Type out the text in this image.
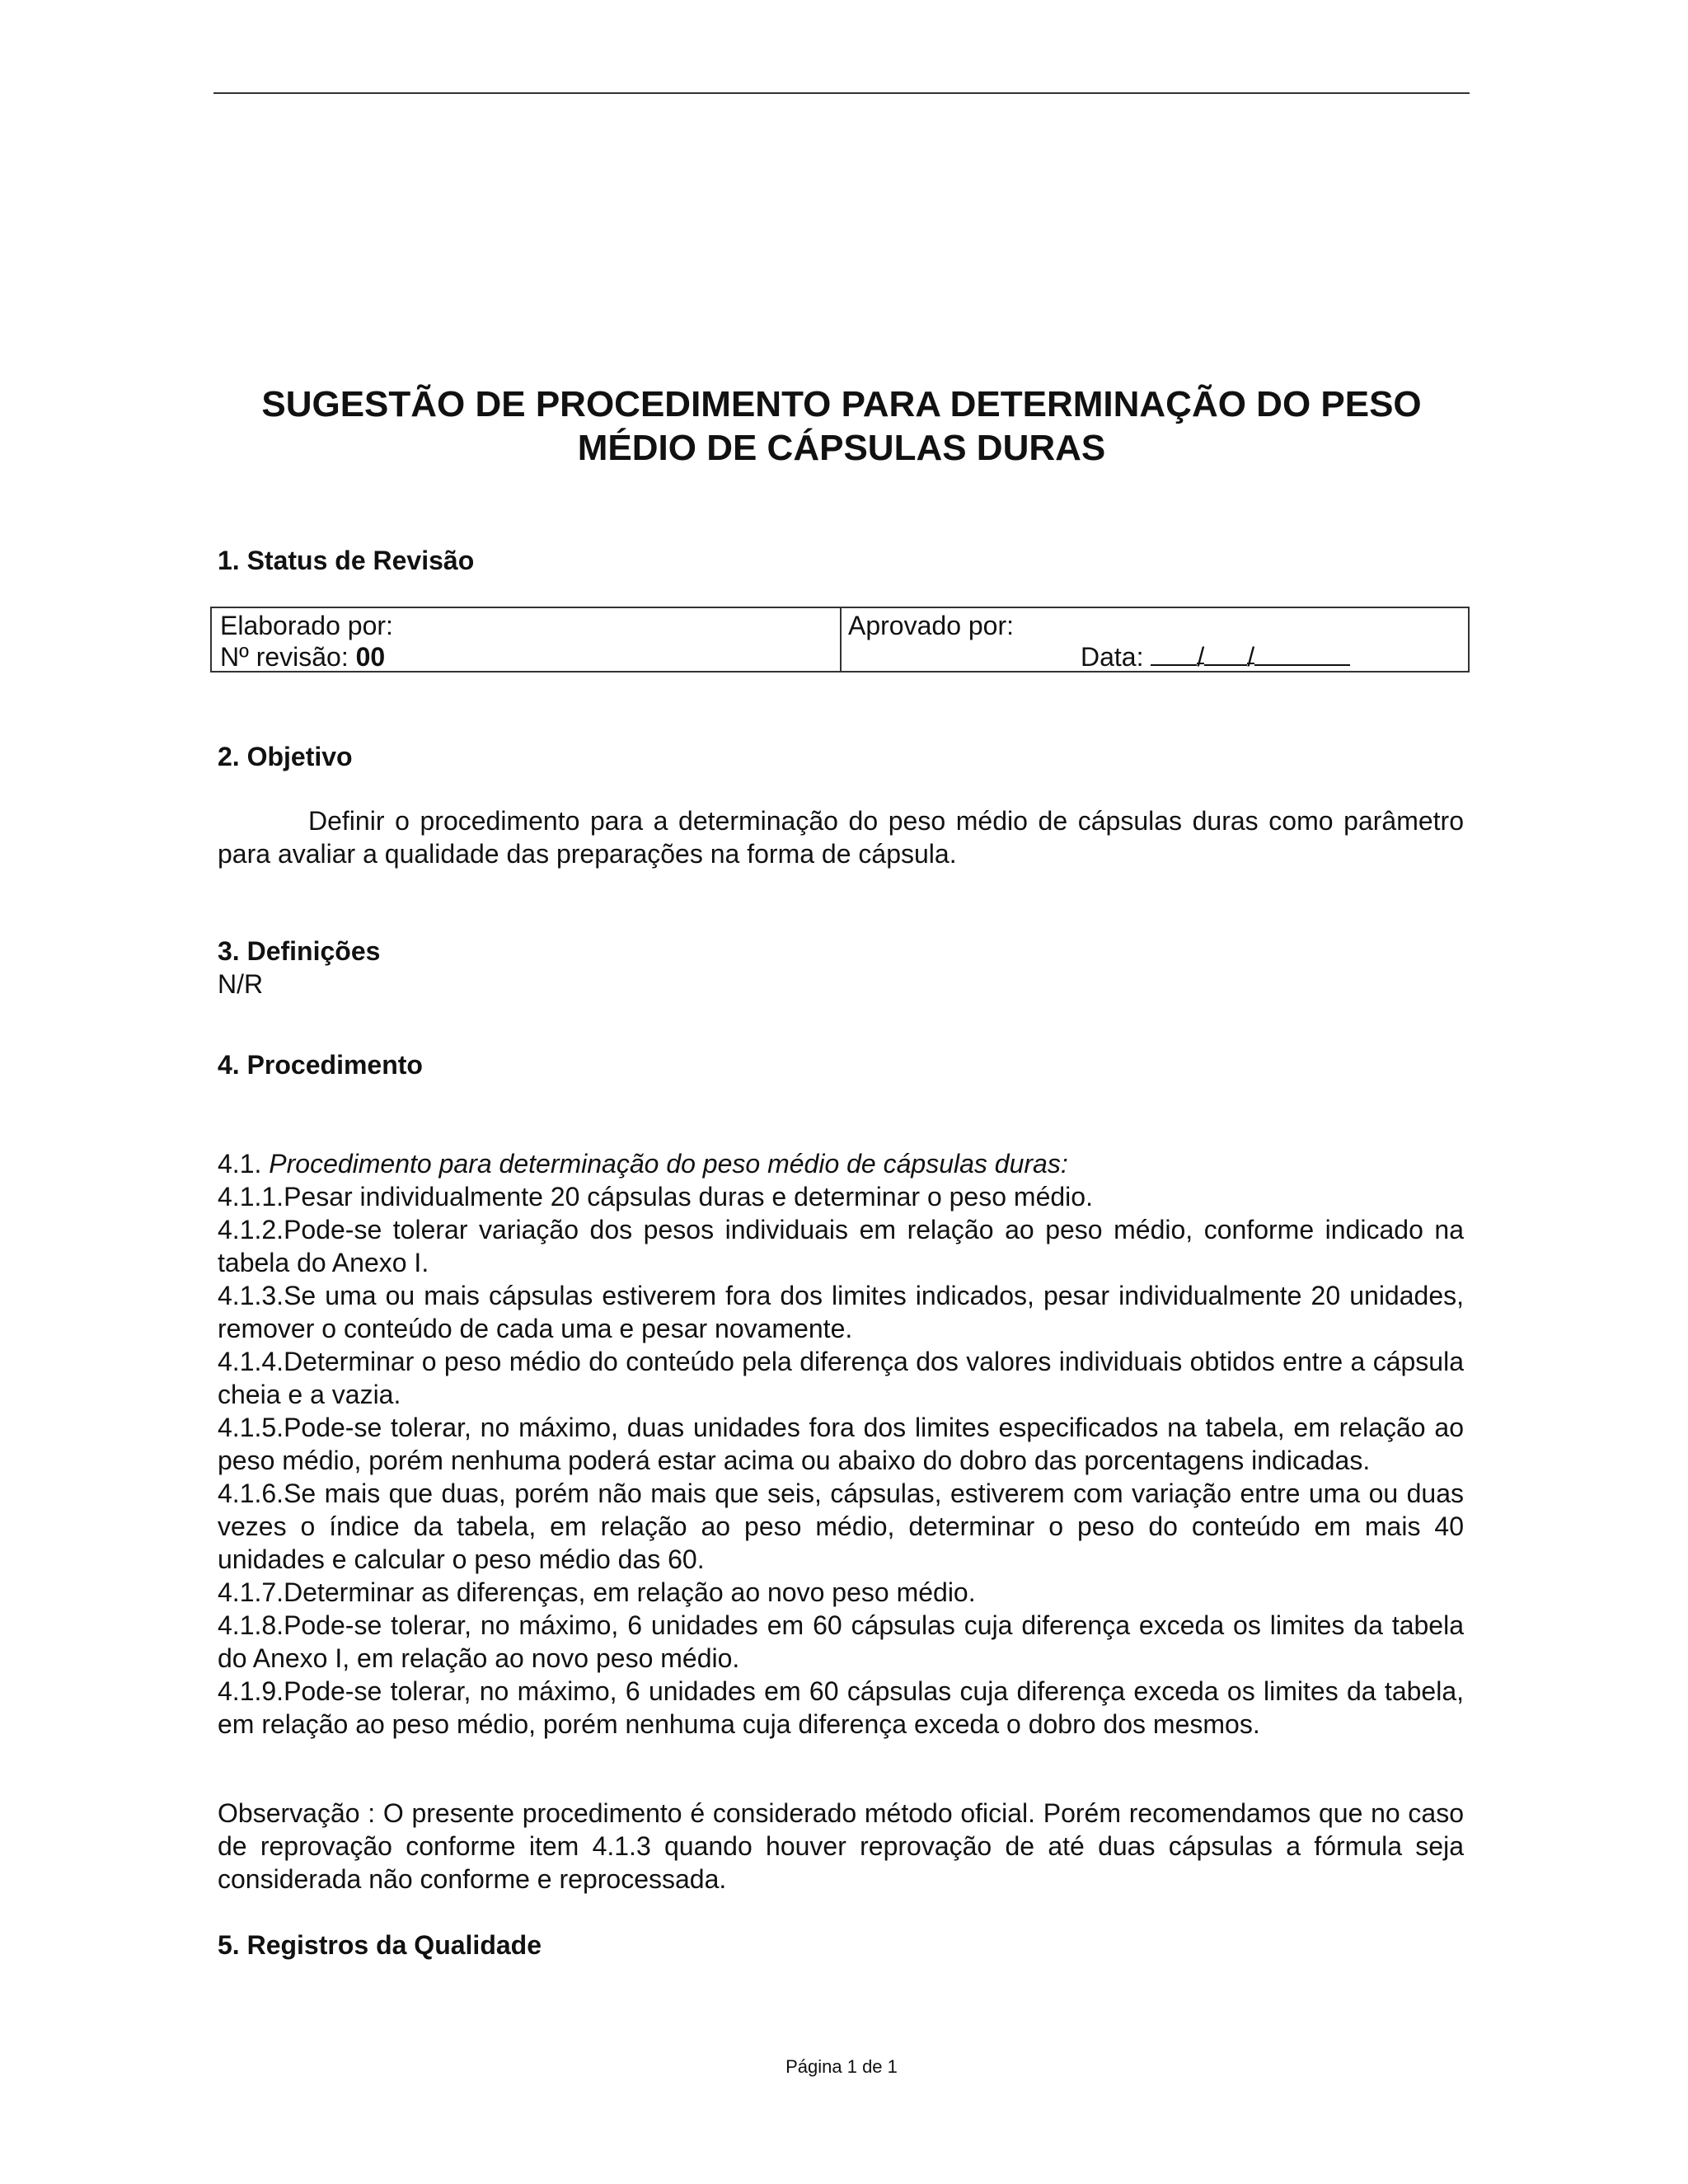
SUGESTÃO DE PROCEDIMENTO PARA DETERMINAÇÃO DO PESO
MÉDIO DE CÁPSULAS DURAS
1. Status de Revisão
Elaborado por:
Nº revisão: 00
Aprovado por:
Data: / /
2. Objetivo

Definir o procedimento para a determinação do peso médio de cápsulas duras como parâmetro para avaliar a qualidade das preparações na forma de cápsula.

3. Definições

N/R

4. Procedimento

4.1. Procedimento para determinação do peso médio de cápsulas duras:

4.1.1.Pesar individualmente 20 cápsulas duras e determinar o peso médio.

4.1.2.Pode-se tolerar variação dos pesos individuais em relação ao peso médio, conforme indicado na tabela do Anexo I.

4.1.3.Se uma ou mais cápsulas estiverem fora dos limites indicados, pesar individualmente 20 unidades, remover o conteúdo de cada uma e pesar novamente.

4.1.4.Determinar o peso médio do conteúdo pela diferença dos valores individuais obtidos entre a cápsula cheia e a vazia.

4.1.5.Pode-se tolerar, no máximo, duas unidades fora dos limites especificados na tabela, em relação ao peso médio, porém nenhuma poderá estar acima ou abaixo do dobro das porcentagens indicadas.

4.1.6.Se mais que duas, porém não mais que seis, cápsulas, estiverem com variação entre uma ou duas vezes o índice da tabela, em relação ao peso médio, determinar o peso do conteúdo em mais 40 unidades e calcular o peso médio das 60.

4.1.7.Determinar as diferenças, em relação ao novo peso médio.

4.1.8.Pode-se tolerar, no máximo, 6 unidades em 60 cápsulas cuja diferença exceda os limites da tabela do Anexo I, em relação ao novo peso médio.

4.1.9.Pode-se tolerar, no máximo, 6 unidades em 60 cápsulas cuja diferença exceda os limites da tabela, em relação ao peso médio, porém nenhuma cuja diferença exceda o dobro dos mesmos.

Observação : O presente procedimento é considerado método oficial. Porém recomendamos que no caso de reprovação conforme item 4.1.3 quando houver reprovação de até duas cápsulas a fórmula seja considerada não conforme e reprocessada.

5. Registros da Qualidade
Página 1 de 1
